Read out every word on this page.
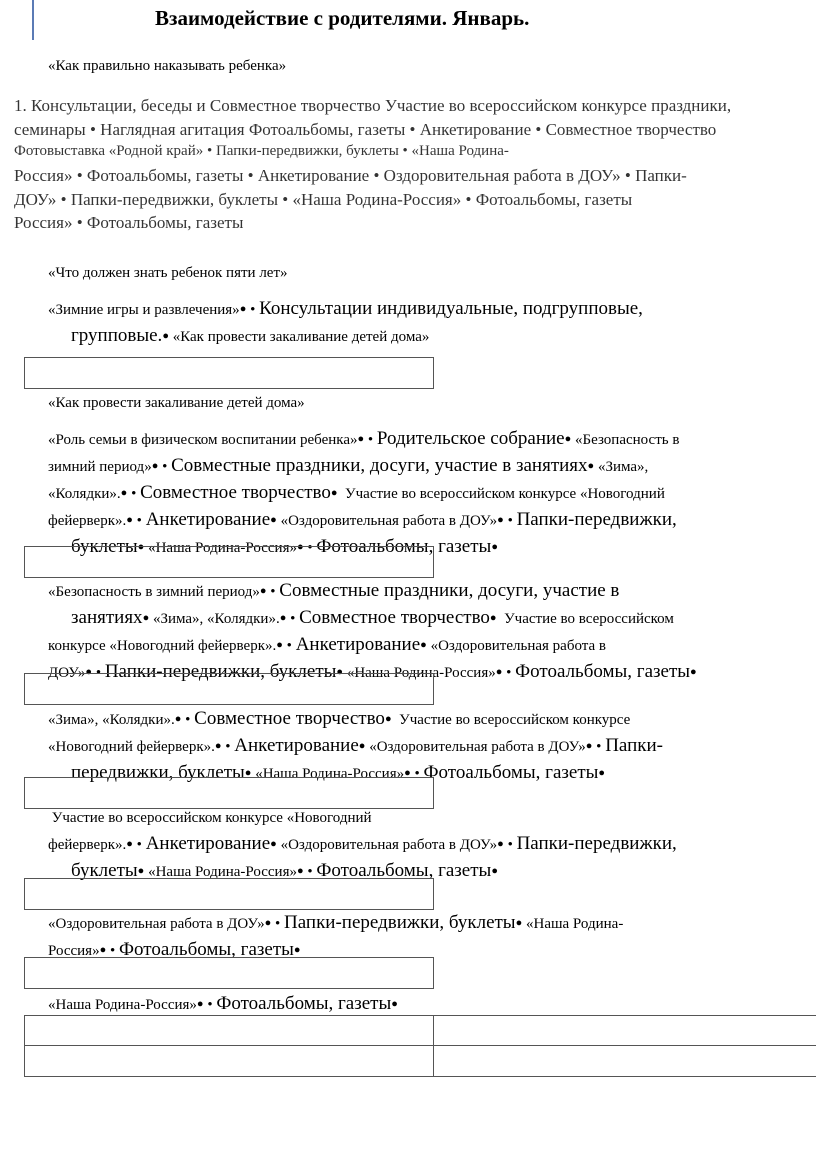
Взаимодействие с родителями. Январь.
«Как правильно наказывать ребенка»
1. Консультации, беседы и Совместное творчество Участие во всероссийском конкурсе праздники,
семинары • Наглядная агитация Фотоальбомы, газеты • Анкетирование • Совместное творчество
Фотовыставка «Родной край» • Папки-передвижки, буклеты • «Наша Родина-
Россия» • Фотоальбомы, газеты • Анкетирование • Оздоровительная работа в ДОУ» • Папки-
ДОУ» • Папки-передвижки, буклеты • «Наша Родина-Россия» • Фотоальбомы, газеты
Россия» • Фотоальбомы, газеты
«Что должен знать ребенок пяти лет»
«Зимние игры и развлечения» ● • Консультации индивидуальные, подгрупповые,
групповые. ● «Как провести закаливание детей дома»
«Как провести закаливание детей дома»
«Роль семьи в физическом воспитании ребенка» ● • Родительское собрание ● «Безопасность в
зимний период» ● • Совместные праздники, досуги, участие в занятиях ● «Зима»,
«Колядки». ● • Совместное творчество ● Участие во всероссийском конкурсе «Новогодний
фейерверк». ● • Анкетирование ● «Оздоровительная работа в ДОУ» ● • Папки-передвижки,
буклеты ● «Наша Родина-Россия» ● • Фотоальбомы, газеты ●
«Безопасность в зимний период» ● • Совместные праздники, досуги, участие в
занятиях ● «Зима», «Колядки». ● • Совместное творчество ● Участие во всероссийском
конкурсе «Новогодний фейерверк». ● • Анкетирование ● «Оздоровительная работа в
ДОУ» ● • Папки-передвижки, буклеты ● «Наша Родина-Россия» ● • Фотоальбомы, газеты ●
«Зима», «Колядки». ● • Совместное творчество ● Участие во всероссийском конкурсе
«Новогодний фейерверк». ● • Анкетирование ● «Оздоровительная работа в ДОУ» ● • Папки-
передвижки, буклеты ● «Наша Родина-Россия» ● • Фотоальбомы, газеты ●
Участие во всероссийском конкурсе «Новогодний
фейерверк». ● • Анкетирование ● «Оздоровительная работа в ДОУ» ● • Папки-передвижки,
буклеты ● «Наша Родина-Россия» ● • Фотоальбомы, газеты ●
«Оздоровительная работа в ДОУ» ● • Папки-передвижки, буклеты ● «Наша Родина-
Россия» ● • Фотоальбомы, газеты ●
«Наша Родина-Россия» ● • Фотоальбомы, газеты ●
